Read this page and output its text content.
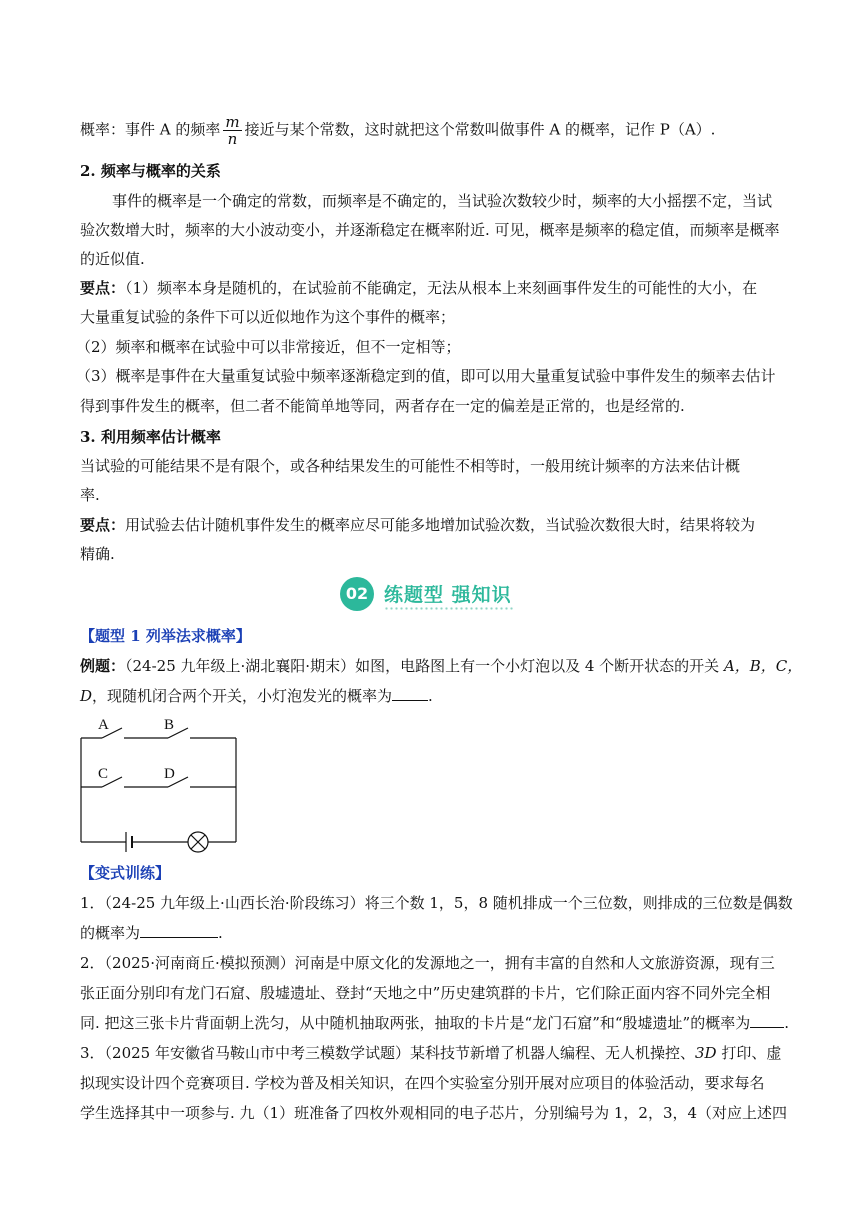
概率：事件 A 的频率 $\frac{m}{n}$ 接近与某个常数，这时就把这个常数叫做事件 A 的概率，记作 P（A）.
2. 频率与概率的关系
事件的概率是一个确定的常数，而频率是不确定的，当试验次数较少时，频率的大小摇摆不定，当试
验次数增大时，频率的大小波动变小，并逐渐稳定在概率附近. 可见，概率是频率的稳定值，而频率是概率
的近似值.
要点：（1）频率本身是随机的，在试验前不能确定，无法从根本上来刻画事件发生的可能性的大小，在
大量重复试验的条件下可以近似地作为这个事件的概率；
（2）频率和概率在试验中可以非常接近，但不一定相等；
（3）概率是事件在大量重复试验中频率逐渐稳定到的值，即可以用大量重复试验中事件发生的频率去估计
得到事件发生的概率，但二者不能简单地等同，两者存在一定的偏差是正常的，也是经常的.
3. 利用频率估计概率
当试验的可能结果不是有限个，或各种结果发生的可能性不相等时，一般用统计频率的方法来估计概
率.
要点：用试验去估计随机事件发生的概率应尽可能多地增加试验次数，当试验次数很大时，结果将较为
精确.
02 练题型 强知识
【题型 1 列举法求概率】
例题：（24-25 九年级上·湖北襄阳·期末）如图，电路图上有一个小灯泡以及 4 个断开状态的开关 A，B，C，
D，现随机闭合两个开关，小灯泡发光的概率为 .
A	B
C	D
【变式训练】
1．（24-25 九年级上·山西长治·阶段练习）将三个数 1，5，8 随机排成一个三位数，则排成的三位数是偶数
的概率为	.
2．（2025·河南商丘·模拟预测）河南是中原文化的发源地之一，拥有丰富的自然和人文旅游资源，现有三
张正面分别印有龙门石窟、殷墟遗址、登封“天地之中”历史建筑群的卡片，它们除正面内容不同外完全相
同. 把这三张卡片背面朝上洗匀，从中随机抽取两张，抽取的卡片是“龙门石窟”和“殷墟遗址”的概率为 .
3．（2025 年安徽省马鞍山市中考三模数学试题）某科技节新增了机器人编程、无人机操控、3D 打印、虚
拟现实设计四个竞赛项目. 学校为普及相关知识，在四个实验室分别开展对应项目的体验活动，要求每名
学生选择其中一项参与. 九（1）班准备了四枚外观相同的电子芯片，分别编号为 1，2，3，4（对应上述四
